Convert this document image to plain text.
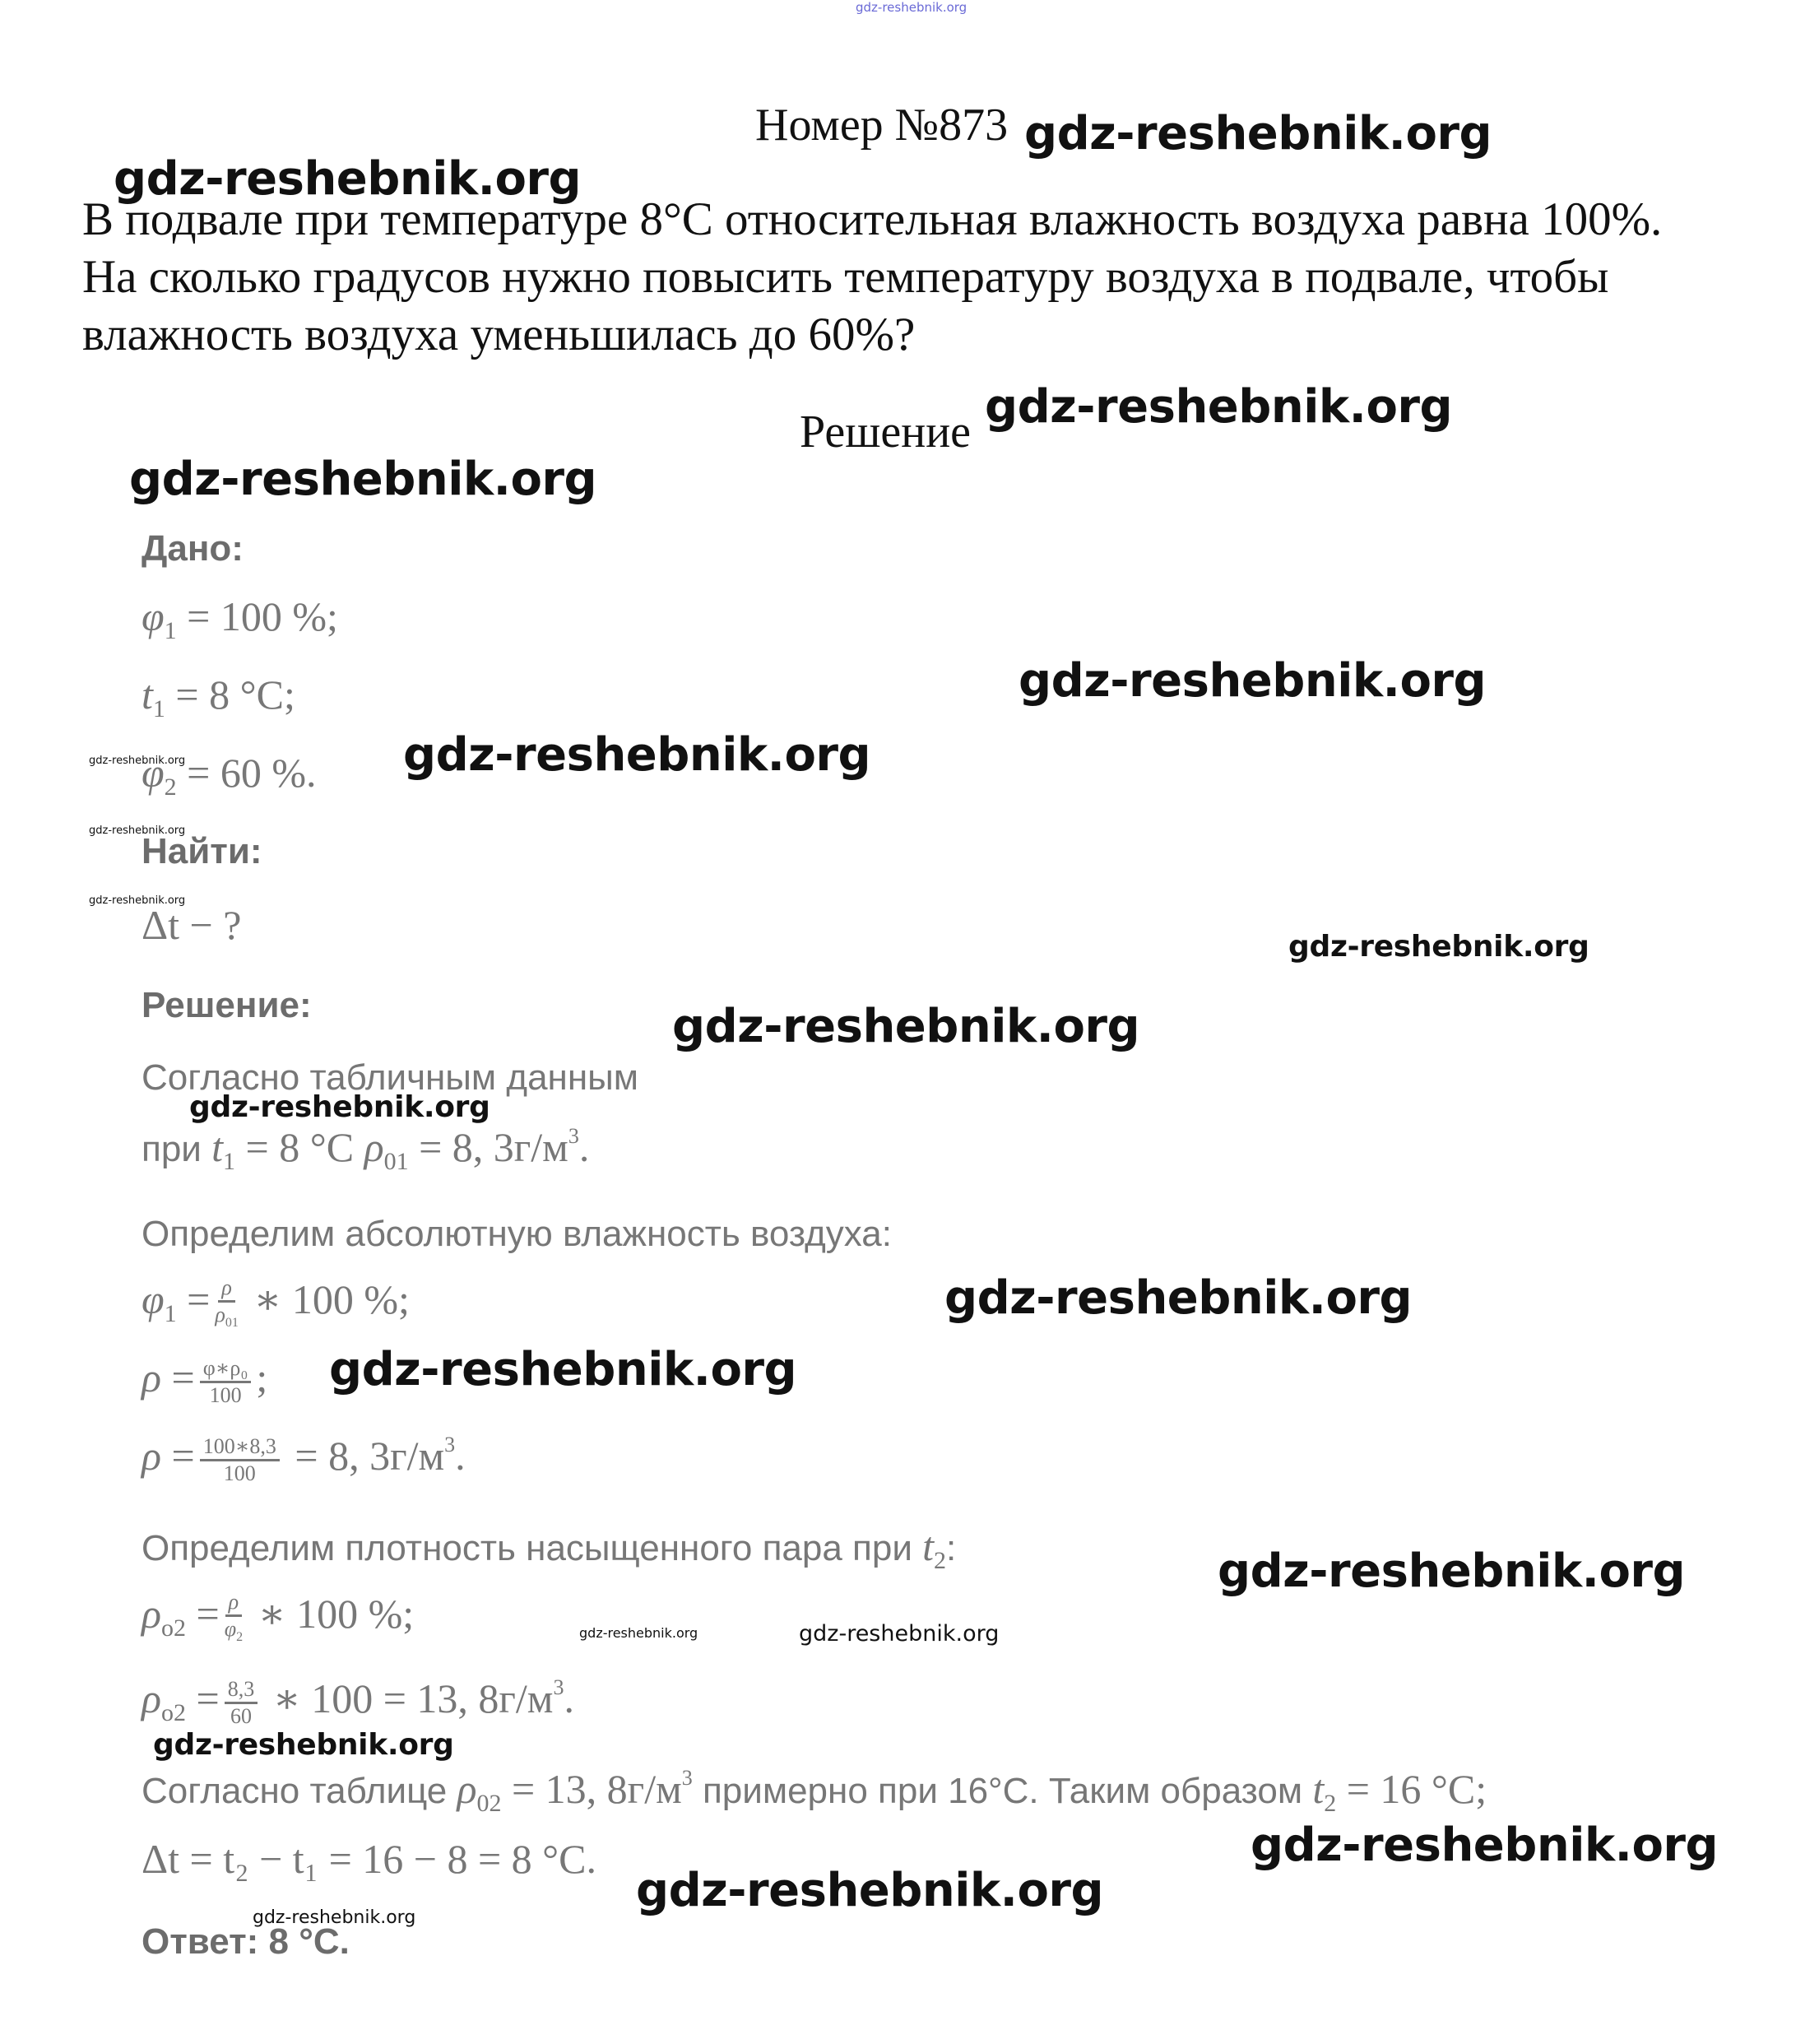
gdz-reshebnik.org
Номер №873
В подвале при температуре 8°С относительная влажность воздуха равна 100%. На сколько градусов нужно повысить температуру воздуха в подвале, чтобы влажность воздуха уменьшилась до 60%?
Решение
Дано:
$\varphi_1 = 100$ %;
$t_1 = 8$ °C;
$\varphi_2 = 60$ %.
Найти:
Δt − ?
Решение:
Согласно табличным данным
при $t_1 = 8$ °C $\rho_{01} = 8$, $3г/м^3$.
Определим абсолютную влажность воздуха:
$\varphi_1 = \frac{\rho}{\rho_{01}}$ ∗ 100 %;
$\rho = \frac{\text{φ∗ρ₀}}{100}$ ;
$\rho = \frac{100∗8,3}{100} = 8$, $3г/м^3$.
Определим плотность насыщенного пара при $t_2$:
$\rho_{o2} = \frac{\rho}{\varphi_2}$ ∗ 100 %;
$\rho_{o2} = \frac{8,3}{60}$ ∗ 100 = 13, $8г/м^3$.
Согласно таблице $\rho_{02} = 13$, $8г/м^3$ примерно при 16°C. Таким образом $t_2 = 16$ °C;
Δt = t₂ − t₁ = 16 − 8 = 8 °C.
Ответ: 8 °C.
gdz-reshebnik.org
gdz-reshebnik.org
gdz-reshebnik.org
gdz-reshebnik.org
gdz-reshebnik.org
gdz-reshebnik.org
gdz-reshebnik.org
gdz-reshebnik.org
gdz-reshebnik.org
gdz-reshebnik.org
gdz-reshebnik.org
gdz-reshebnik.org
gdz-reshebnik.org
gdz-reshebnik.org
gdz-reshebnik.org
gdz-reshebnik.org
gdz-reshebnik.org
gdz-reshebnik.org
gdz-reshebnik.org
gdz-reshebnik.org
gdz-reshebnik.org
